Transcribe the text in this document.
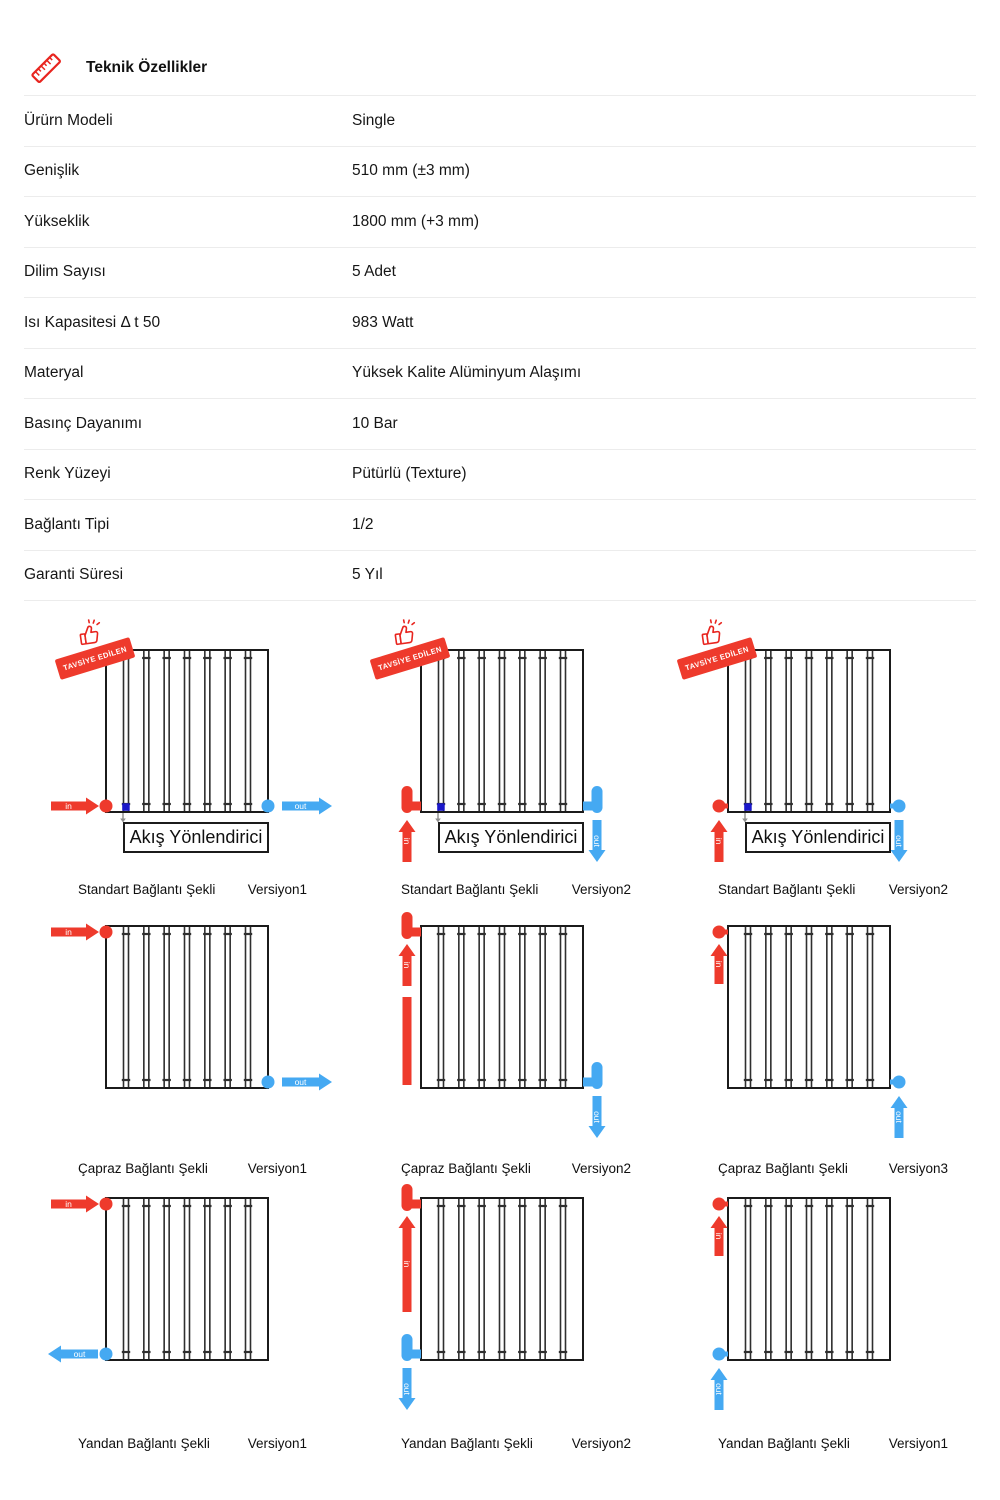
Teknik Özellikler
Ürürn Modeli	Single
Genişlik	510 mm (±3 mm)
Yükseklik	1800 mm (+3 mm)
Dilim Sayısı	5 Adet
Isı Kapasitesi Δ t 50	983 Watt
Materyal	Yüksek Kalite Alüminyum Alaşımı
Basınç Dayanımı	10 Bar
Renk Yüzeyi	Pütürlü (Texture)
Bağlantı Tipi	1/2
Garanti Süresi	5 Yıl
in	out
TAVSİYE EDİLEN
Akış Yönlendirici
Standart Bağlantı Şekli Versiyon1
in	out
TAVSİYE EDİLEN
Akış Yönlendirici
Standart Bağlantı Şekli Versiyon2
in	out
TAVSİYE EDİLEN
Akış Yönlendirici
Standart Bağlantı Şekli Versiyon2
in
out
Çapraz Bağlantı Şekli	Versiyon1
in
out
Çapraz Bağlantı Şekli	Versiyon2
in
out
Çapraz Bağlantı Şekli	Versiyon3
in
out
Yandan Bağlantı Şekli	Versiyon1
in
out
Yandan Bağlantı Şekli	Versiyon2
in
out
Yandan Bağlantı Şekli	Versiyon1
